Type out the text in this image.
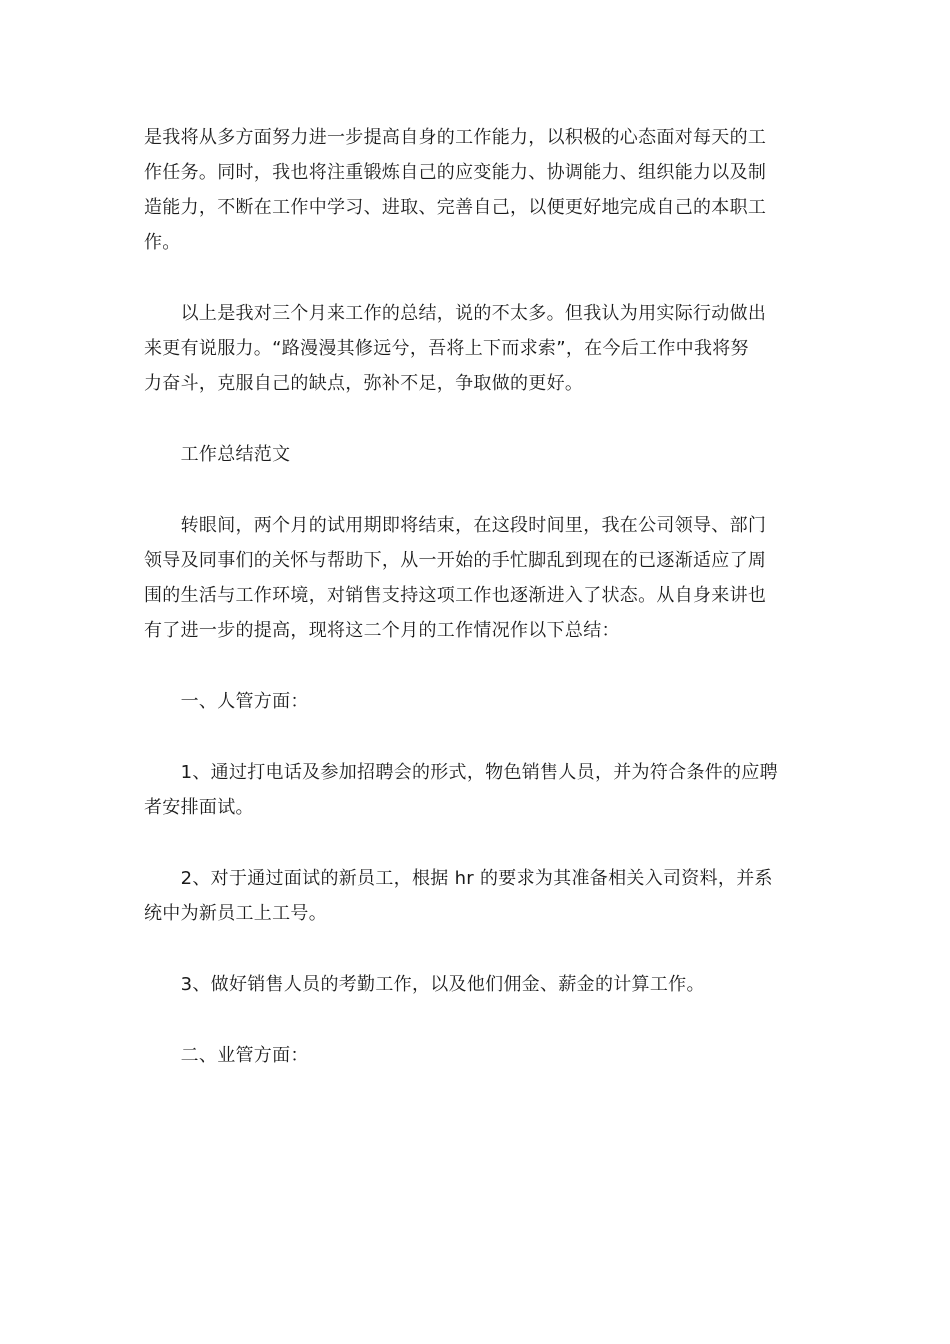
是我将从多方面努力进一步提高自身的工作能力，以积极的心态面对每天的工
作任务。同时，我也将注重锻炼自己的应变能力、协调能力、组织能力以及制
造能力，不断在工作中学习、进取、完善自己，以便更好地完成自己的本职工
作。

　　以上是我对三个月来工作的总结，说的不太多。但我认为用实际行动做出
来更有说服力。“路漫漫其修远兮，吾将上下而求索”，在今后工作中我将努
力奋斗，克服自己的缺点，弥补不足，争取做的更好。

　　工作总结范文

　　转眼间，两个月的试用期即将结束，在这段时间里，我在公司领导、部门
领导及同事们的关怀与帮助下，从一开始的手忙脚乱到现在的已逐渐适应了周
围的生活与工作环境，对销售支持这项工作也逐渐进入了状态。从自身来讲也
有了进一步的提高，现将这二个月的工作情况作以下总结：

　　一、人管方面：

　　1、通过打电话及参加招聘会的形式，物色销售人员，并为符合条件的应聘
者安排面试。

　　2、对于通过面试的新员工，根据 hr 的要求为其准备相关入司资料，并系
统中为新员工上工号。

　　3、做好销售人员的考勤工作，以及他们佣金、薪金的计算工作。

　　二、业管方面：
